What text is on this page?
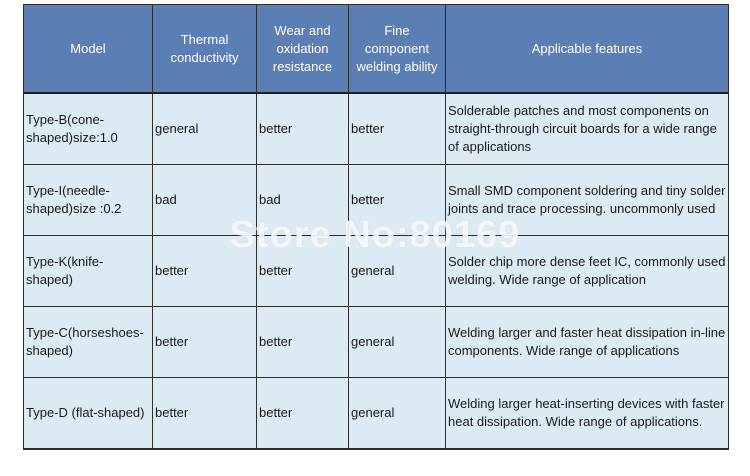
Model	Thermal conductivity	Wear and oxidation resistance	Fine component welding ability	Applicable features
Type-B(cone-shaped)size:1.0	general	better	better	Solderable patches and most components on straight-through circuit boards for a wide range of applications
Type-I(needle-shaped)size :0.2	bad	bad	better	Small SMD component soldering and tiny solder joints and trace processing. uncommonly used
Type-K(knife-shaped)	better	better	general	Solder chip more dense feet IC, commonly used welding. Wide range of application
Type-C(horseshoes-shaped)	better	better	general	Welding larger and faster heat dissipation in-line components. Wide range of applications
Type-D (flat-shaped)	better	better	general	Welding larger heat-inserting devices with faster heat dissipation. Wide range of applications.
Store No:80169
